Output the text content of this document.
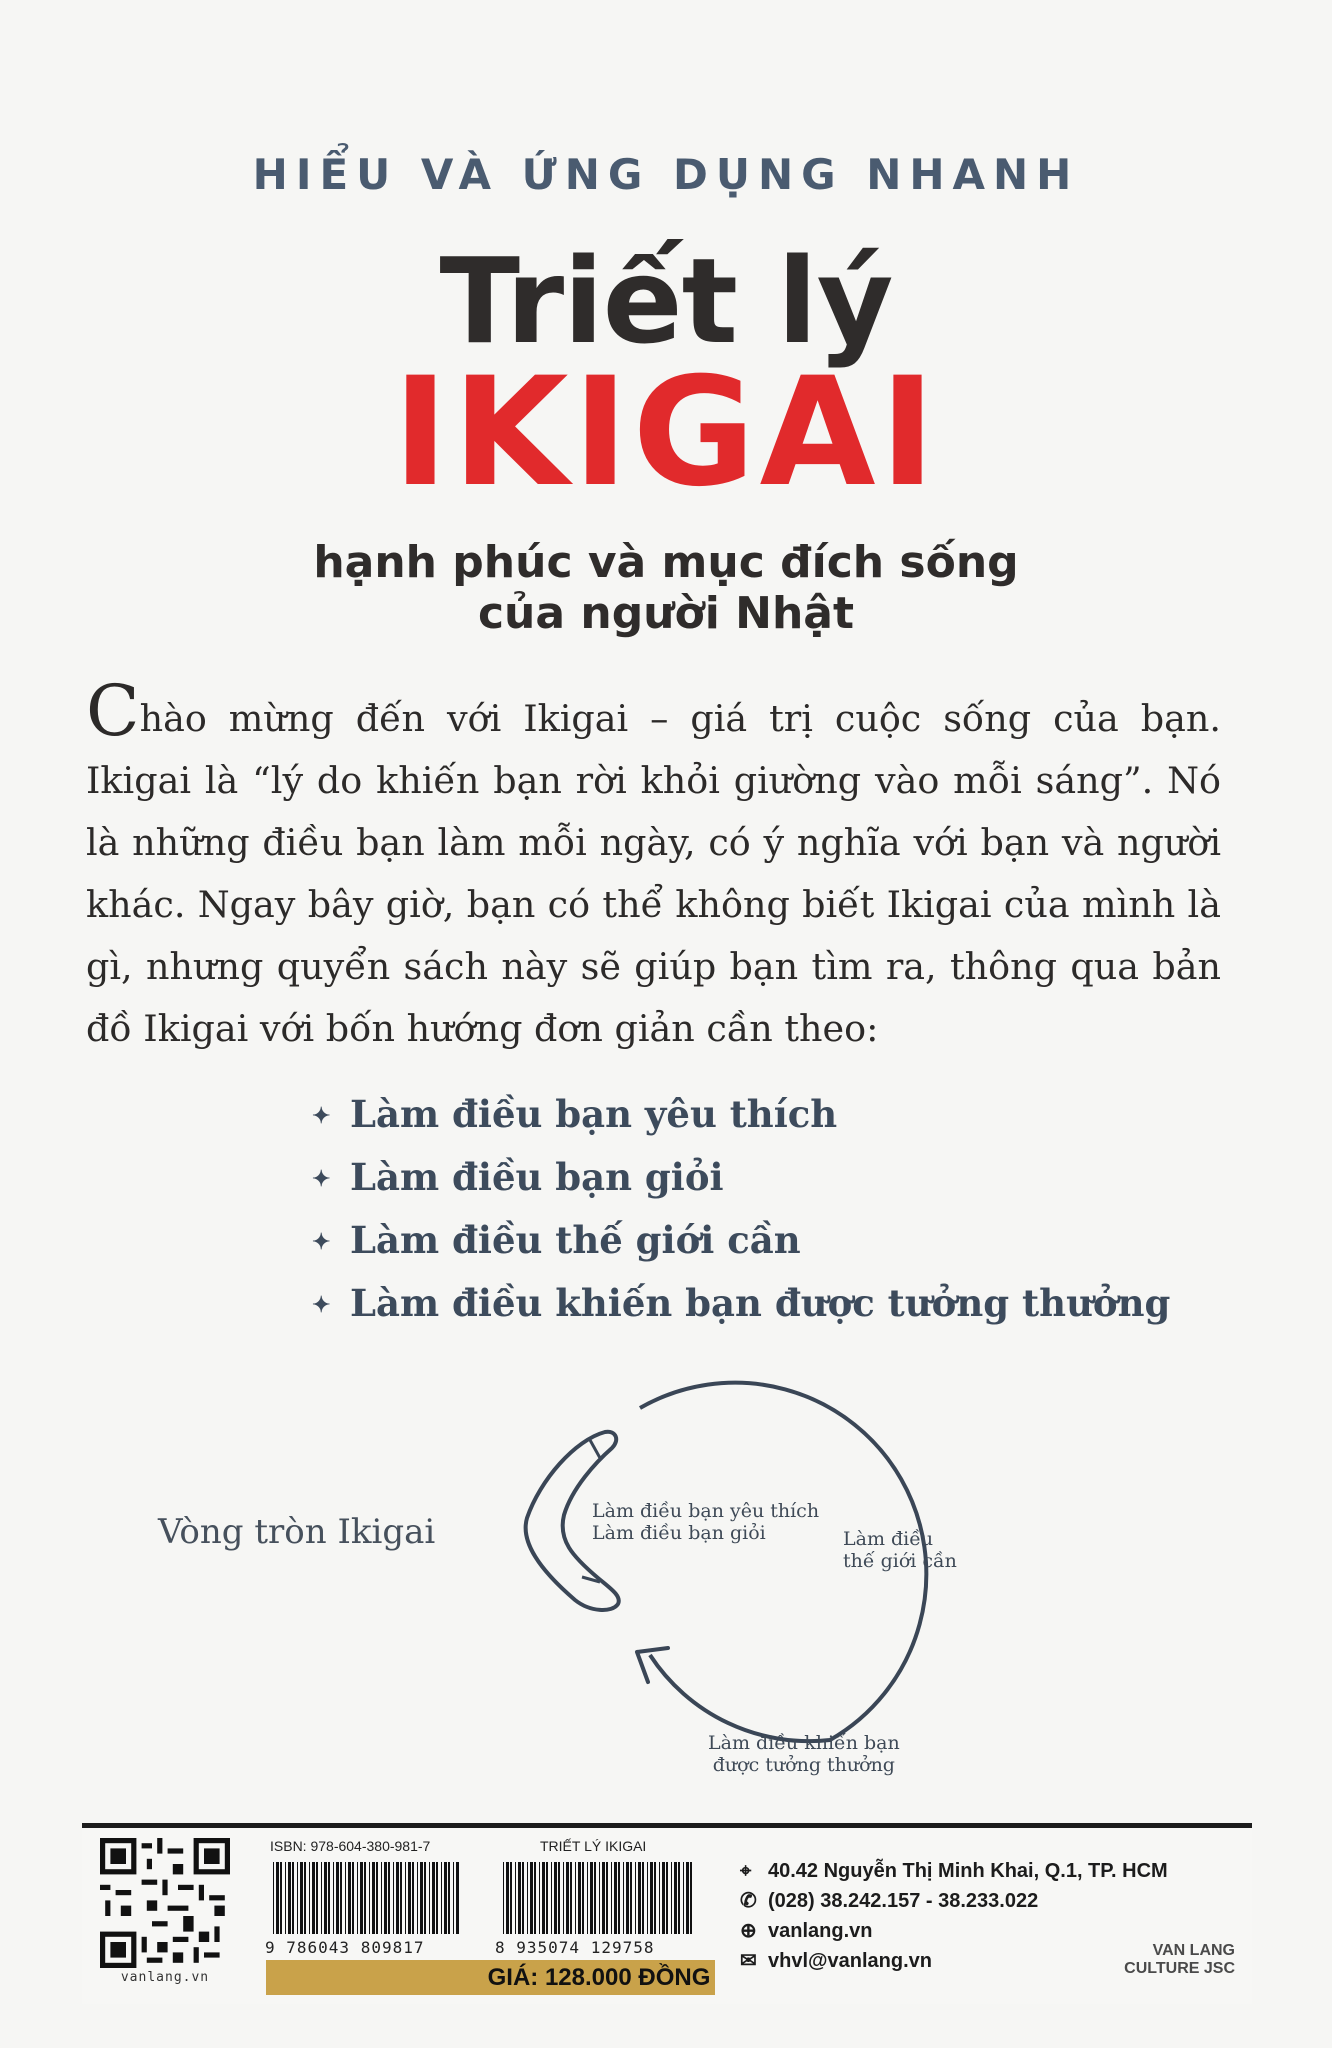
HIỂU VÀ ỨNG DỤNG NHANH
Triết lý
IKIGAI
hạnh phúc và mục đích sống
của người Nhật
Chào mừng đến với Ikigai – giá trị cuộc sống của bạn. Ikigai là “lý do khiến bạn rời khỏi giường vào mỗi sáng”. Nó là những điều bạn làm mỗi ngày, có ý nghĩa với bạn và người khác. Ngay bây giờ, bạn có thể không biết Ikigai của mình là gì, nhưng quyển sách này sẽ giúp bạn tìm ra, thông qua bản đồ Ikigai với bốn hướng đơn giản cần theo:
✦ Làm điều bạn yêu thích
✦ Làm điều bạn giỏi
✦ Làm điều thế giới cần
✦ Làm điều khiến bạn được tưởng thưởng
Vòng tròn Ikigai
Làm điều bạn yêu thích
Làm điều bạn giỏi	Làm điều
thế giới cần
Làm điều khiến bạn
được tưởng thưởng
vanlang.vn
ISBN: 978-604-380-981-7	TRIẾT LÝ IKIGAI
9 786043 809817	8 935074 129758
GIÁ: 128.000 ĐỒNG
⌖ 40.42 Nguyễn Thị Minh Khai, Q.1, TP. HCM
✆ (028) 38.242.157 - 38.233.022
⊕ vanlang.vn
✉ vhvl@vanlang.vn	VAN LANG
CULTURE JSC
